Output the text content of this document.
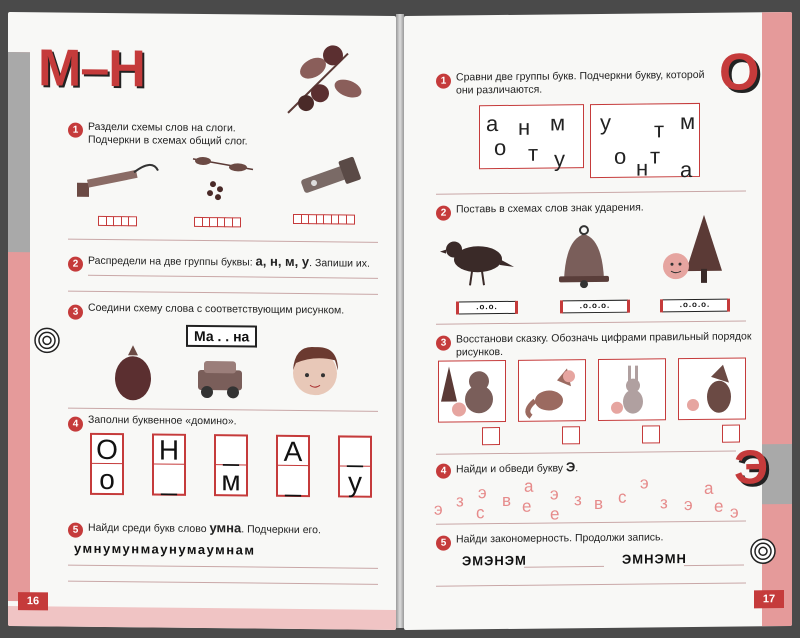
М–Н
1 Раздели схемы слов на слоги. Подчеркни в схемах общий слог.
2 Распредели на две группы буквы: а, н, м, у. Запиши их.
3 Соедини схему слова с соответствующим рисунком.
Ма . . на
4 Заполни буквенное «домино».
5 Найди среди букв слово умна. Подчеркни его.
умнумунмаунумаумнам
16
О
о
Н
_
_
м
А
_
_
у
О
1 Сравни две группы букв. Подчеркни букву, которой они различаются.
2 Поставь в схемах слов знак ударения.
.о.о.	.о.о.о.	.о.о.о.
3 Восстанови сказку. Обозначь цифрами правильный порядок рисунков.
4 Найди и обведи букву Э.	Э
5 Найди закономерность. Продолжи запись.
ЭМЭНЭМ	ЭМНЭМН
17
а н м
о т у
у	м
т
о т
н а
э з э
с
в
а
е
э
е
з в с
э
з э
а
е э
